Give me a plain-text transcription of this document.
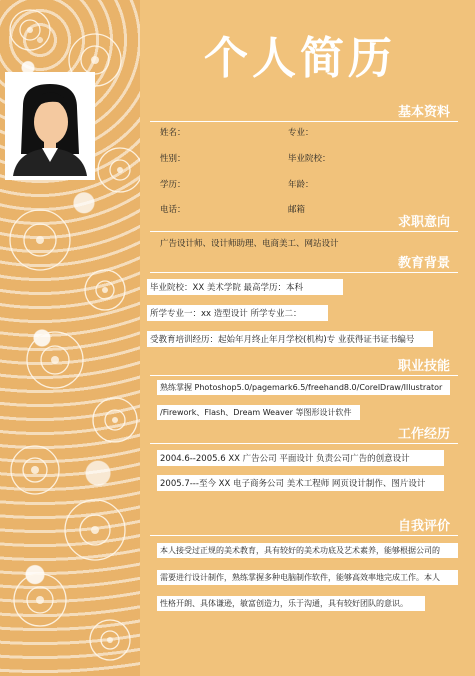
个人简历
基本资料
姓名：	专业：
性别：	毕业院校：
学历：	年龄：
电话：	邮箱
求职意向
广告设计师、设计师助理、电商美工、网站设计
教育背景
毕业院校：XX 美术学院 最高学历：本科
所学专业一：xx 造型设计 所学专业二：
受教育培训经历：起始年月终止年月学校(机构)专 业获得证书证书编号
职业技能
熟练掌握 Photoshop5.0/pagemark6.5/freehand8.0/CorelDraw/Illustrator
/Firework、Flash、Dream Weaver 等图形设计软件
工作经历
2004.6--2005.6 XX 广告公司 平面设计 负责公司广告的创意设计
2005.7---至今 XX 电子商务公司 美术工程师 网页设计制作、图片设计
自我评价
本人接受过正规的美术教育，具有较好的美术功底及艺术素养，能够根据公司的
需要进行设计制作，熟练掌握多种电脑制作软件，能够高效率地完成工作。本人
性格开朗、具体谦逊，敏富创造力，乐于沟通，具有较好团队的意识。
